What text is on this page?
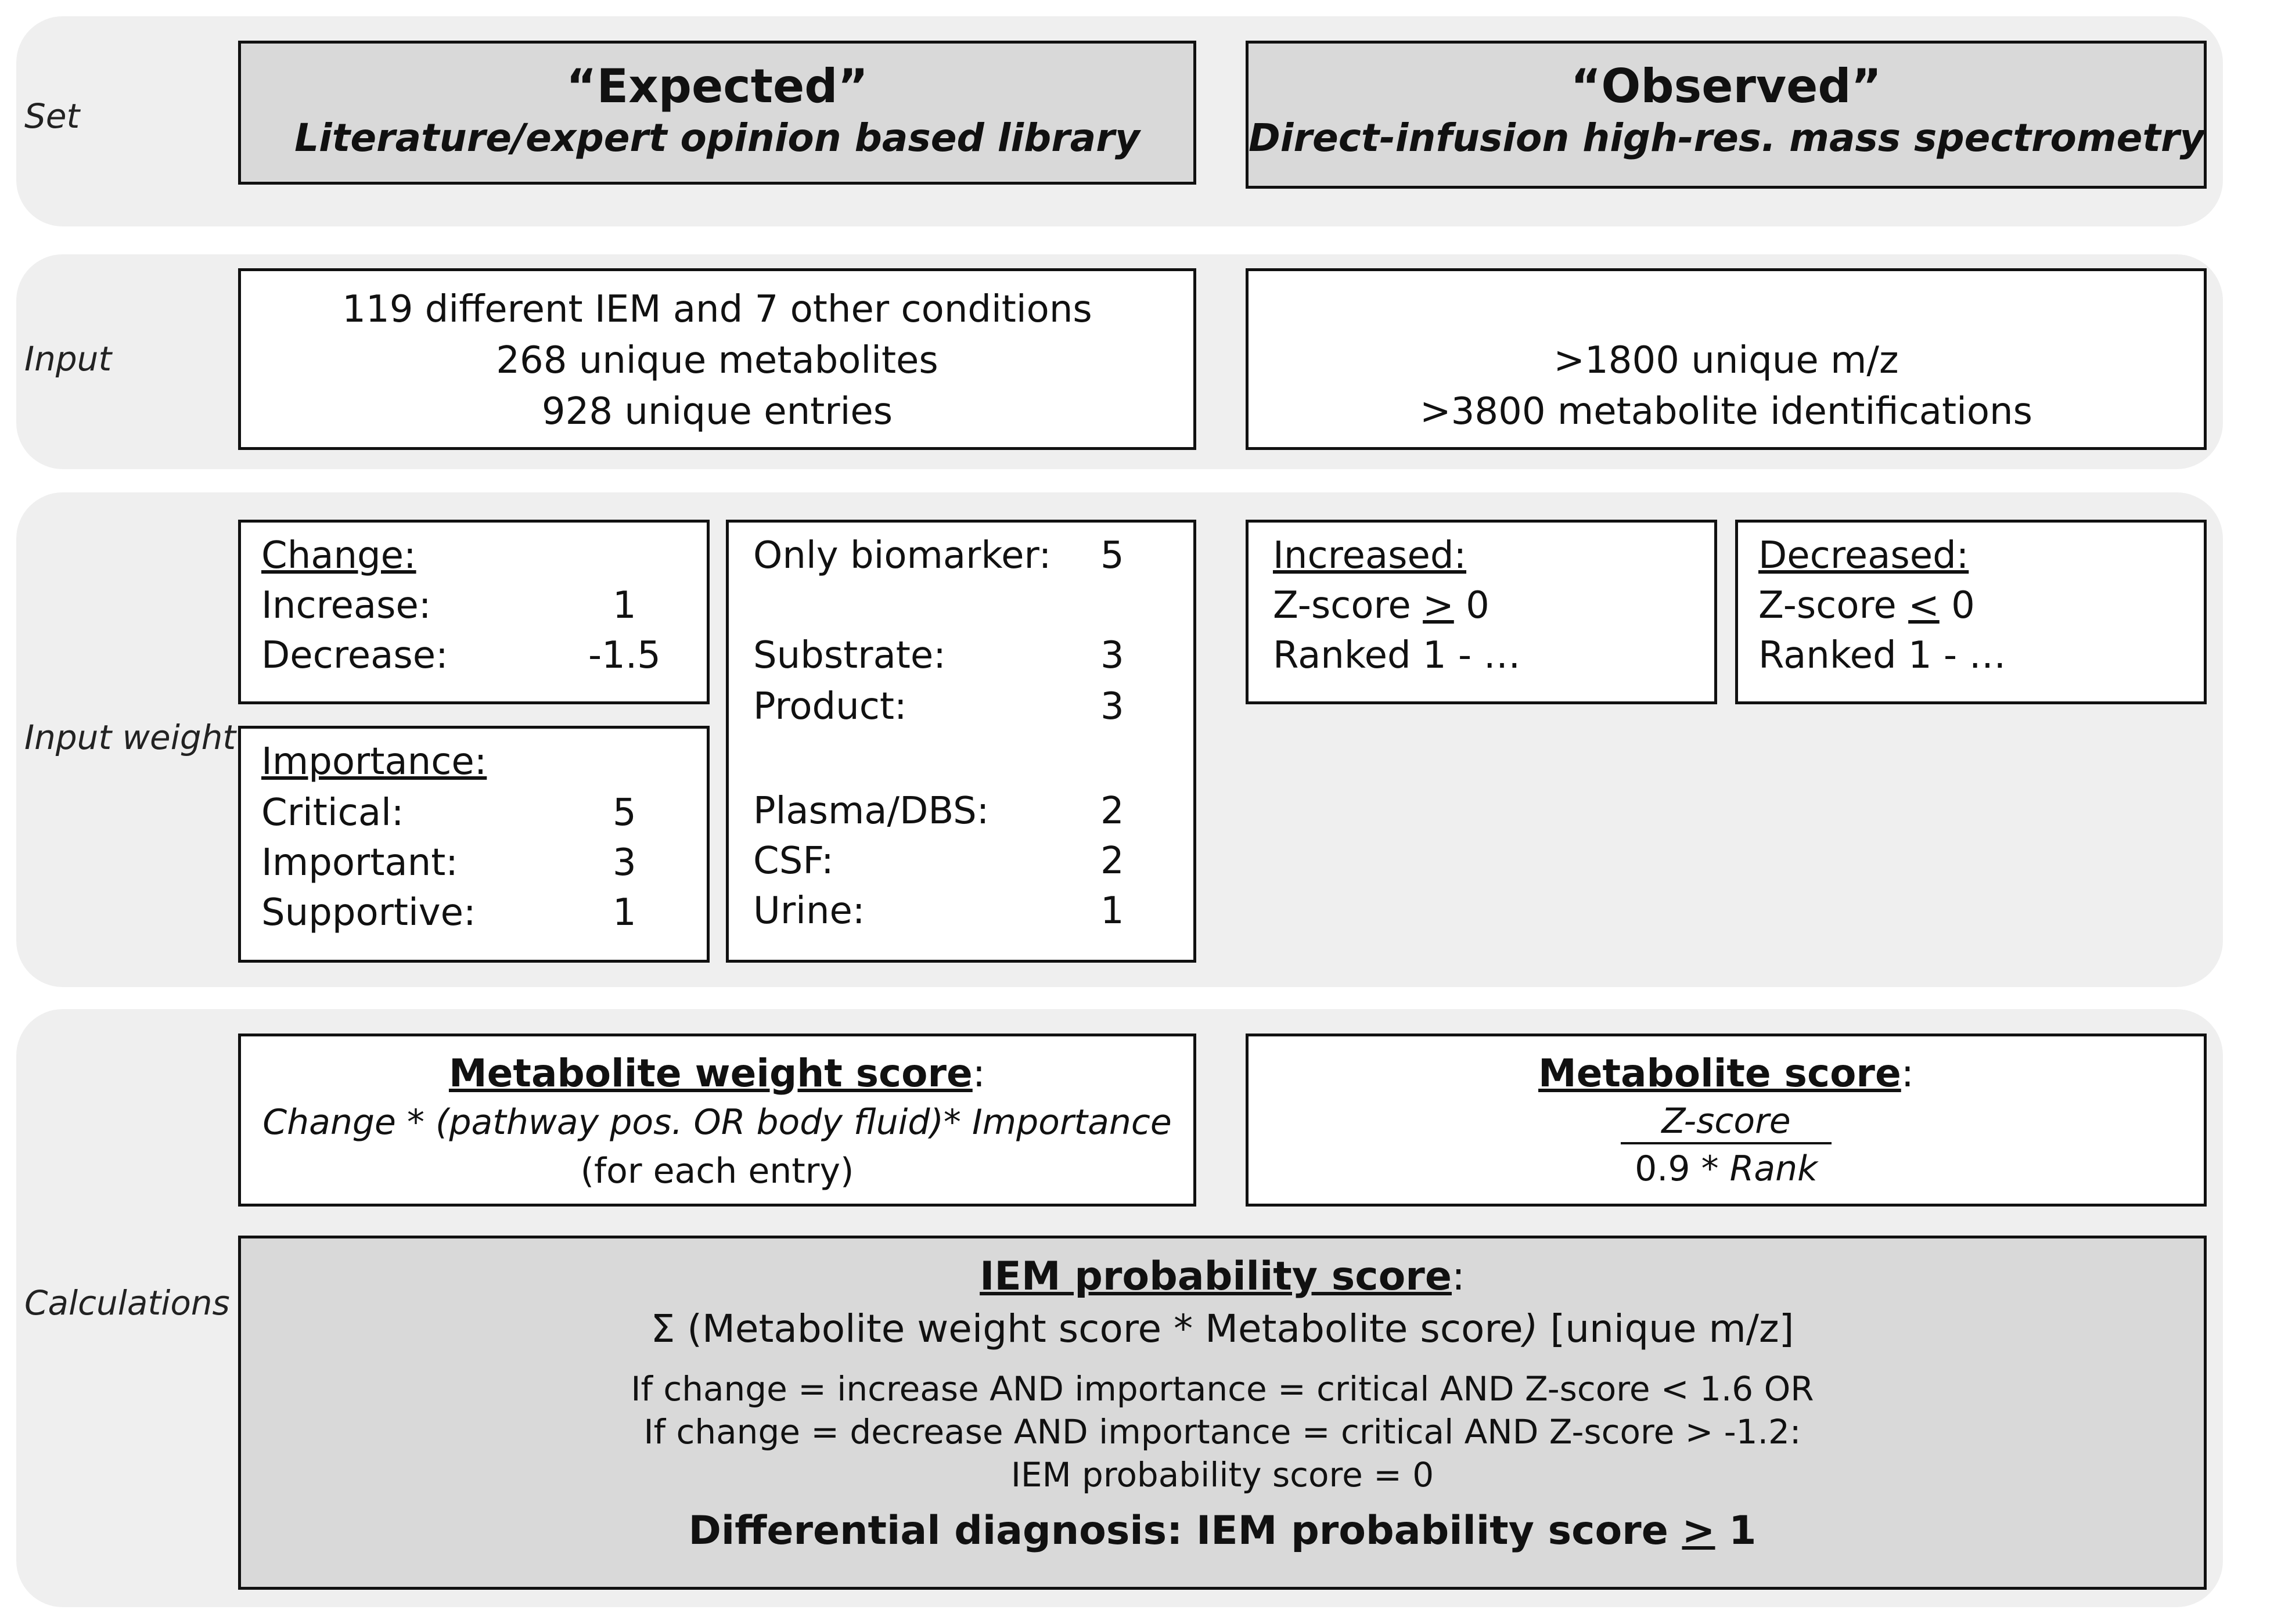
Set
Input
Input weight
Calculations
“Expected”
Literature/expert opinion based library
“Observed”
Direct-infusion high-res. mass spectrometry
119 different IEM and 7 other conditions
268 unique metabolites
928 unique entries
>1800 unique m/z
>3800 metabolite identifications
Change:
Increase:	1
Decrease:	-1.5
Importance:
Critical:	5
Important:	3
Supportive:	1
Only biomarker: 5
Substrate:	3
Product:	3
Plasma/DBS:	2
CSF:	2
Urine:	1
Increased:
Z-score ≥ 0
Ranked 1 - …
Decreased:
Z-score ≤ 0
Ranked 1 - …
Metabolite weight score:
Change * (pathway pos. OR body fluid)* Importance
(for each entry)
Metabolite score:
Z-score
0.9 * Rank
IEM probability score:
Σ (Metabolite weight score * Metabolite score) [unique m/z]
If change = increase AND importance = critical AND Z-score < 1.6 OR
If change = decrease AND importance = critical AND Z-score > -1.2:
IEM probability score = 0
Differential diagnosis: IEM probability score ≥ 1
